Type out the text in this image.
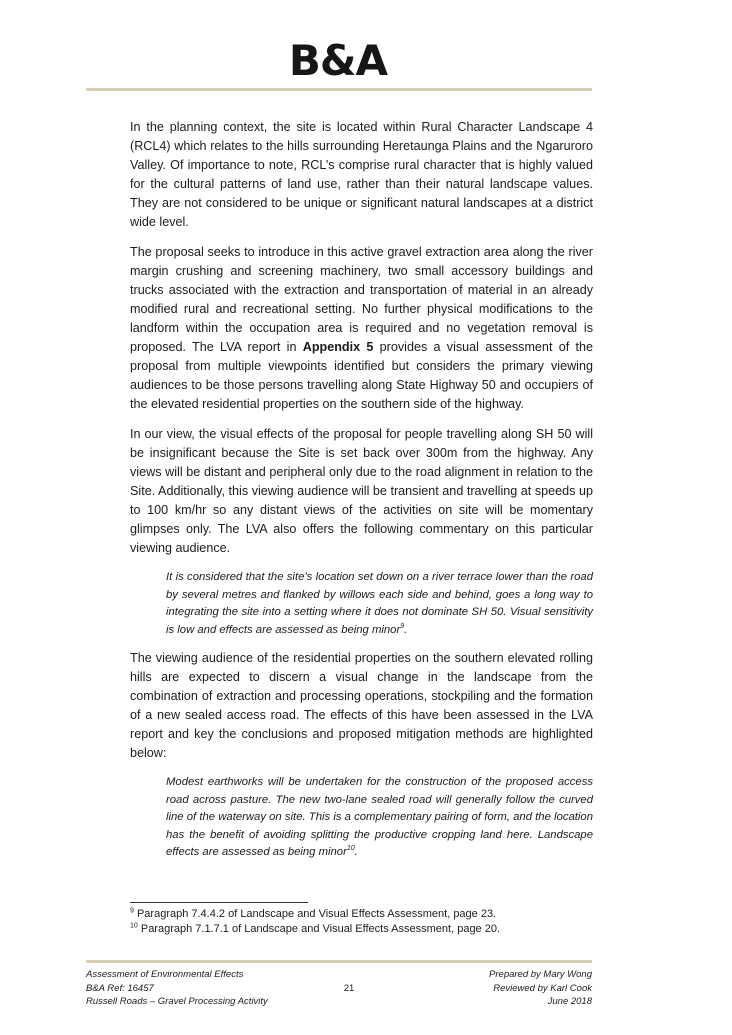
B&A

In the planning context, the site is located within Rural Character Landscape 4 (RCL4) which relates to the hills surrounding Heretaunga Plains and the Ngaruroro Valley. Of importance to note, RCL’s comprise rural character that is highly valued for the cultural patterns of land use, rather than their natural landscape values. They are not considered to be unique or significant natural landscapes at a district wide level.

The proposal seeks to introduce in this active gravel extraction area along the river margin crushing and screening machinery, two small accessory buildings and trucks associated with the extraction and transportation of material in an already modified rural and recreational setting. No further physical modifications to the landform within the occupation area is required and no vegetation removal is proposed. The LVA report in Appendix 5 provides a visual assessment of the proposal from multiple viewpoints identified but considers the primary viewing audiences to be those persons travelling along State Highway 50 and occupiers of the elevated residential properties on the southern side of the highway.

In our view, the visual effects of the proposal for people travelling along SH 50 will be insignificant because the Site is set back over 300m from the highway. Any views will be distant and peripheral only due to the road alignment in relation to the Site. Additionally, this viewing audience will be transient and travelling at speeds up to 100 km/hr so any distant views of the activities on site will be momentary glimpses only. The LVA also offers the following commentary on this particular viewing audience.

It is considered that the site’s location set down on a river terrace lower than the road by several metres and flanked by willows each side and behind, goes a long way to integrating the site into a setting where it does not dominate SH 50. Visual sensitivity is low and effects are assessed as being minor$^9$.

The viewing audience of the residential properties on the southern elevated rolling hills are expected to discern a visual change in the landscape from the combination of extraction and processing operations, stockpiling and the formation of a new sealed access road. The effects of this have been assessed in the LVA report and key the conclusions and proposed mitigation methods are highlighted below:

Modest earthworks will be undertaken for the construction of the proposed access road across pasture. The new two-lane sealed road will generally follow the curved line of the waterway on site. This is a complementary pairing of form, and the location has the benefit of avoiding splitting the productive cropping land here. Landscape effects are assessed as being minor$^{10}$.

$^9$ Paragraph 7.4.4.2 of Landscape and Visual Effects Assessment, page 23.
$^{10}$ Paragraph 7.1.7.1 of Landscape and Visual Effects Assessment, page 20.
Assessment of Environmental Effects
B&A Ref: 16457
Russell Roads – Gravel Processing Activity
21
Prepared by Mary Wong
Reviewed by Karl Cook
June 2018
